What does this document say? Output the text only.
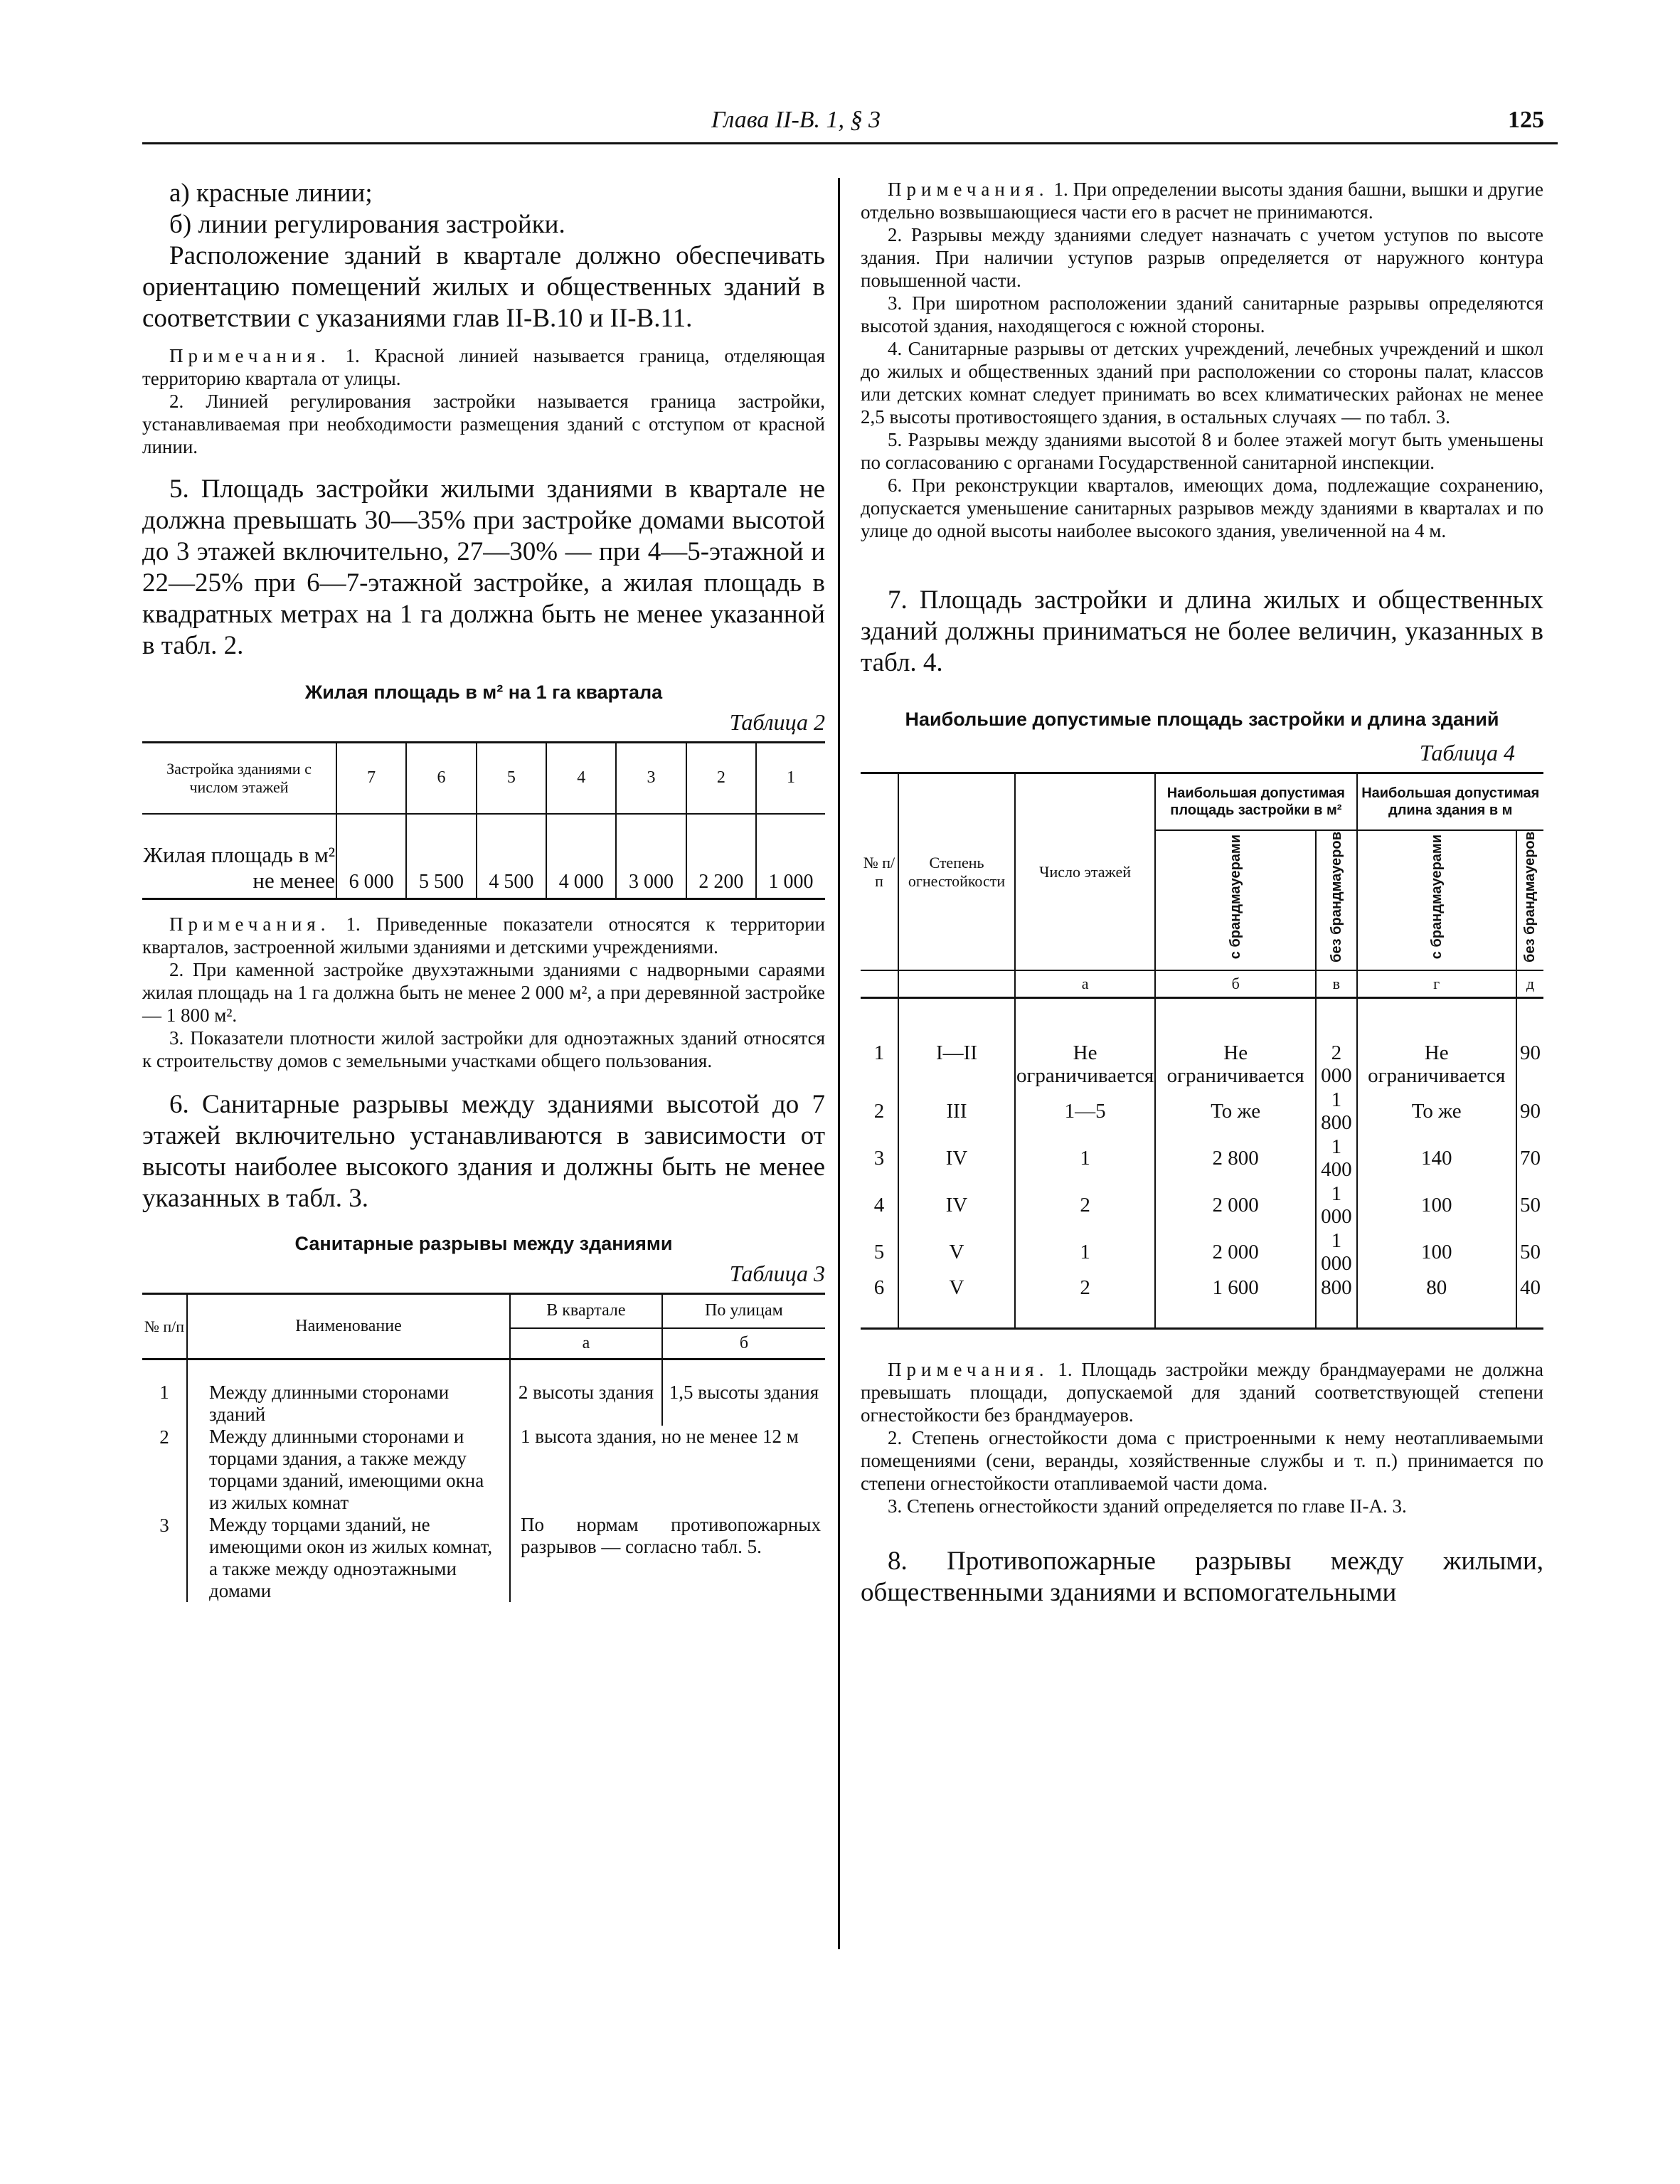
Глава II-В. 1, § 3	125

а) красные линии;

б) линии регулирования застройки.

Расположение зданий в квартале должно обеспечивать ориентацию помещений жилых и общественных зданий в соответствии с указаниями глав II-В.10 и II-В.11.

Примечания. 1. Красной линией называется граница, отделяющая территорию квартала от улицы.

2. Линией регулирования застройки называется граница застройки, устанавливаемая при необходимости размещения зданий с отступом от красной линии.

5. Площадь застройки жилыми зданиями в квартале не должна превышать 30—35% при застройке домами высотой до 3 этажей включительно, 27—30% — при 4—5-этажной и 22—25% при 6—7-этажной застройке, а жилая площадь в квадратных метрах на 1 га должна быть не менее указанной в табл. 2.

Жилая площадь в м² на 1 га квартала
Таблица 2
Застройка зданиями с числом этажей	7	6	5	4	3	2	1
Жилая площадь в м² не менее	6 000	5 500	4 500	4 000	3 000	2 200	1 000

Примечания. 1. Приведенные показатели относятся к территории кварталов, застроенной жилыми зданиями и детскими учреждениями.

2. При каменной застройке двухэтажными зданиями с надворными сараями жилая площадь на 1 га должна быть не менее 2 000 м², а при деревянной застройке — 1 800 м².

3. Показатели плотности жилой застройки для одноэтажных зданий относятся к строительству домов с земельными участками общего пользования.

6. Санитарные разрывы между зданиями высотой до 7 этажей включительно устанавливаются в зависимости от высоты наиболее высокого здания и должны быть не менее указанных в табл. 3.

Санитарные разрывы между зданиями
Таблица 3
№ п/п	Наименование	В квартале	По улицам
		а	б
1	Между длинными сторонами зданий	2 высоты здания	1,5 высоты здания
2	Между длинными сторонами и торцами здания, а также между торцами зданий, имеющими окна из жилых комнат	1 высота здания, но не менее 12 м	
3	Между торцами зданий, не имеющими окон из жилых комнат, а также между одноэтажными домами	По нормам противопожарных разрывов — согласно табл. 5.	

Примечания. 1. При определении высоты здания башни, вышки и другие отдельно возвышающиеся части его в расчет не принимаются.

2. Разрывы между зданиями следует назначать с учетом уступов по высоте здания. При наличии уступов разрыв определяется от наружного контура повышенной части.

3. При широтном расположении зданий санитарные разрывы определяются высотой здания, находящегося с южной стороны.

4. Санитарные разрывы от детских учреждений, лечебных учреждений и школ до жилых и общественных зданий при расположении со стороны палат, классов или детских комнат следует принимать во всех климатических районах не менее 2,5 высоты противостоящего здания, в остальных случаях — по табл. 3.

5. Разрывы между зданиями высотой 8 и более этажей могут быть уменьшены по согласованию с органами Государственной санитарной инспекции.

6. При реконструкции кварталов, имеющих дома, подлежащие сохранению, допускается уменьшение санитарных разрывов между зданиями в кварталах и по улице до одной высоты наиболее высокого здания, увеличенной на 4 м.

7. Площадь застройки и длина жилых и общественных зданий должны приниматься не более величин, указанных в табл. 4.

Наибольшие допустимые площадь застройки и длина зданий
Таблица 4
№ п/п	Степень огнестойкости	Число этажей	Наибольшая допустимая площадь застройки в м²		Наибольшая допустимая длина здания в м	
			с брандмауерами	без брандмауеров	с брандмауерами	без брандмауеров
		а	б	в	г	д
1	I—II	Не ограничивается	Не ограничивается	2 000	Не ограничивается	90
2	III	1—5	То же	1 800	То же	90
3	IV	1	2 800	1 400	140	70
4	IV	2	2 000	1 000	100	50
5	V	1	2 000	1 000	100	50
6	V	2	1 600	800	80	40

Примечания. 1. Площадь застройки между брандмауерами не должна превышать площади, допускаемой для зданий соответствующей степени огнестойкости без брандмауеров.

2. Степень огнестойкости дома с пристроенными к нему неотапливаемыми помещениями (сени, веранды, хозяйственные службы и т. п.) принимается по степени огнестойкости отапливаемой части дома.

3. Степень огнестойкости зданий определяется по главе II-А. 3.

8. Противопожарные разрывы между жилыми, общественными зданиями и вспомогательными
